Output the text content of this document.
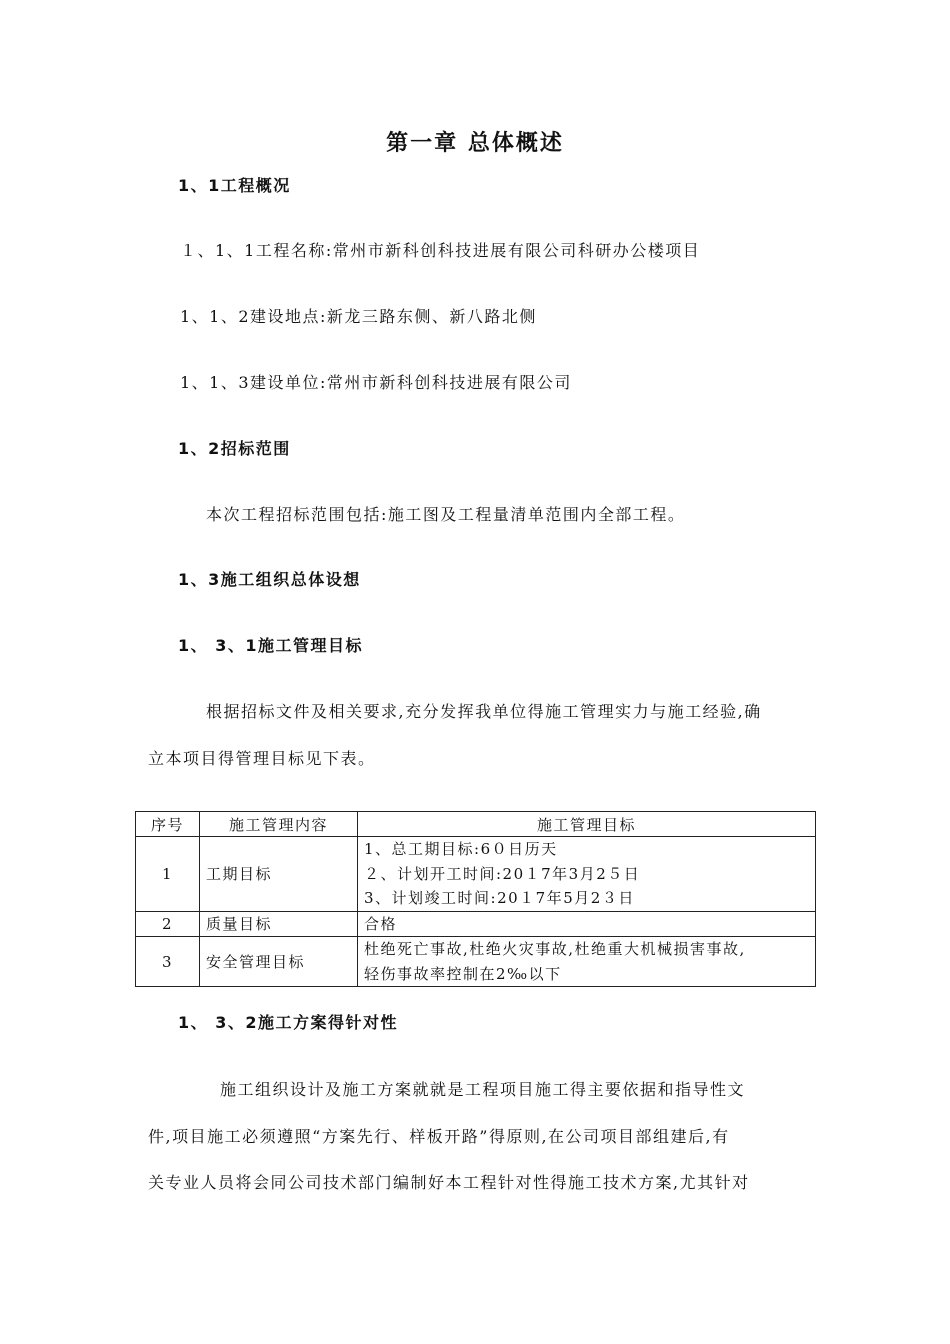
第一章 总体概述
1、1工程概况
１、1、1工程名称:常州市新科创科技进展有限公司科研办公楼项目
1、1、2建设地点:新龙三路东侧、新八路北侧
1、1、3建设单位:常州市新科创科技进展有限公司
1、2招标范围
本次工程招标范围包括:施工图及工程量清单范围内全部工程。
1、3施工组织总体设想
1、 3、1施工管理目标
根据招标文件及相关要求,充分发挥我单位得施工管理实力与施工经验,确
立本项目得管理目标见下表。
序号	施工管理内容	施工管理目标
1	工期目标	1、总工期目标:6０日历天
２、计划开工时间:20１7年3月2５日
3、计划竣工时间:20１7年5月2３日

2	质量目标	合格

3	安全管理目标	杜绝死亡事故,杜绝火灾事故,杜绝重大机械损害事故,
轻伤事故率控制在2‰以下
1、 3、2施工方案得针对性
施工组织设计及施工方案就就是工程项目施工得主要依据和指导性文
件,项目施工必须遵照“方案先行、样板开路”得原则,在公司项目部组建后,有
关专业人员将会同公司技术部门编制好本工程针对性得施工技术方案,尤其针对
